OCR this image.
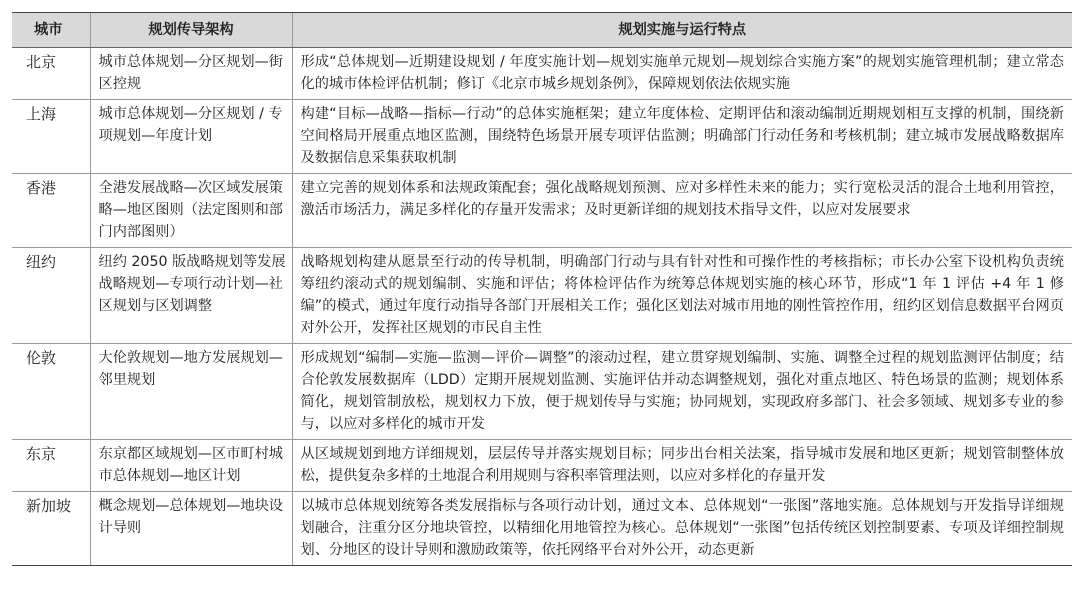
城市	规划传导架构	规划实施与运行特点
北京	城市总体规划—分区规划—街区控规	形成“总体规划—近期建设规划 / 年度实施计划—规划实施单元规划—规划综合实施方案”的规划实施管理机制；建立常态化的城市体检评估机制；修订《北京市城乡规划条例》，保障规划依法依规实施
上海	城市总体规划—分区规划 / 专项规划—年度计划	构建“目标—战略—指标—行动”的总体实施框架；建立年度体检、定期评估和滚动编制近期规划相互支撑的机制，围绕新空间格局开展重点地区监测，围绕特色场景开展专项评估监测；明确部门行动任务和考核机制；建立城市发展战略数据库及数据信息采集获取机制
香港	全港发展战略—次区域发展策略—地区图则（法定图则和部门内部图则）	建立完善的规划体系和法规政策配套；强化战略规划预测、应对多样性未来的能力；实行宽松灵活的混合土地利用管控，激活市场活力，满足多样化的存量开发需求；及时更新详细的规划技术指导文件，以应对发展要求
纽约	纽约 2050 版战略规划等发展战略规划—专项行动计划—社区规划与区划调整	战略规划构建从愿景至行动的传导机制，明确部门行动与具有针对性和可操作性的考核指标；市长办公室下设机构负责统筹纽约滚动式的规划编制、实施和评估；将体检评估作为统筹总体规划实施的核心环节，形成“1 年 1 评估 +4 年 1 修编”的模式，通过年度行动指导各部门开展相关工作；强化区划法对城市用地的刚性管控作用，纽约区划信息数据平台网页对外公开，发挥社区规划的市民自主性
伦敦	大伦敦规划—地方发展规划—邻里规划	形成规划“编制—实施—监测—评价—调整”的滚动过程，建立贯穿规划编制、实施、调整全过程的规划监测评估制度；结合伦敦发展数据库（LDD）定期开展规划监测、实施评估并动态调整规划，强化对重点地区、特色场景的监测；规划体系简化，规划管制放松，规划权力下放，便于规划传导与实施；协同规划，实现政府多部门、社会多领域、规划多专业的参与，以应对多样化的城市开发
东京	东京都区域规划—区市町村城市总体规划—地区计划	从区域规划到地方详细规划，层层传导并落实规划目标；同步出台相关法案，指导城市发展和地区更新；规划管制整体放松，提供复杂多样的土地混合利用规则与容积率管理法则，以应对多样化的存量开发
新加坡	概念规划—总体规划—地块设计导则	以城市总体规划统筹各类发展指标与各项行动计划，通过文本、总体规划“一张图”落地实施。总体规划与开发指导详细规划融合，注重分区分地块管控，以精细化用地管控为核心。总体规划“一张图”包括传统区划控制要素、专项及详细控制规划、分地区的设计导则和激励政策等，依托网络平台对外公开，动态更新
